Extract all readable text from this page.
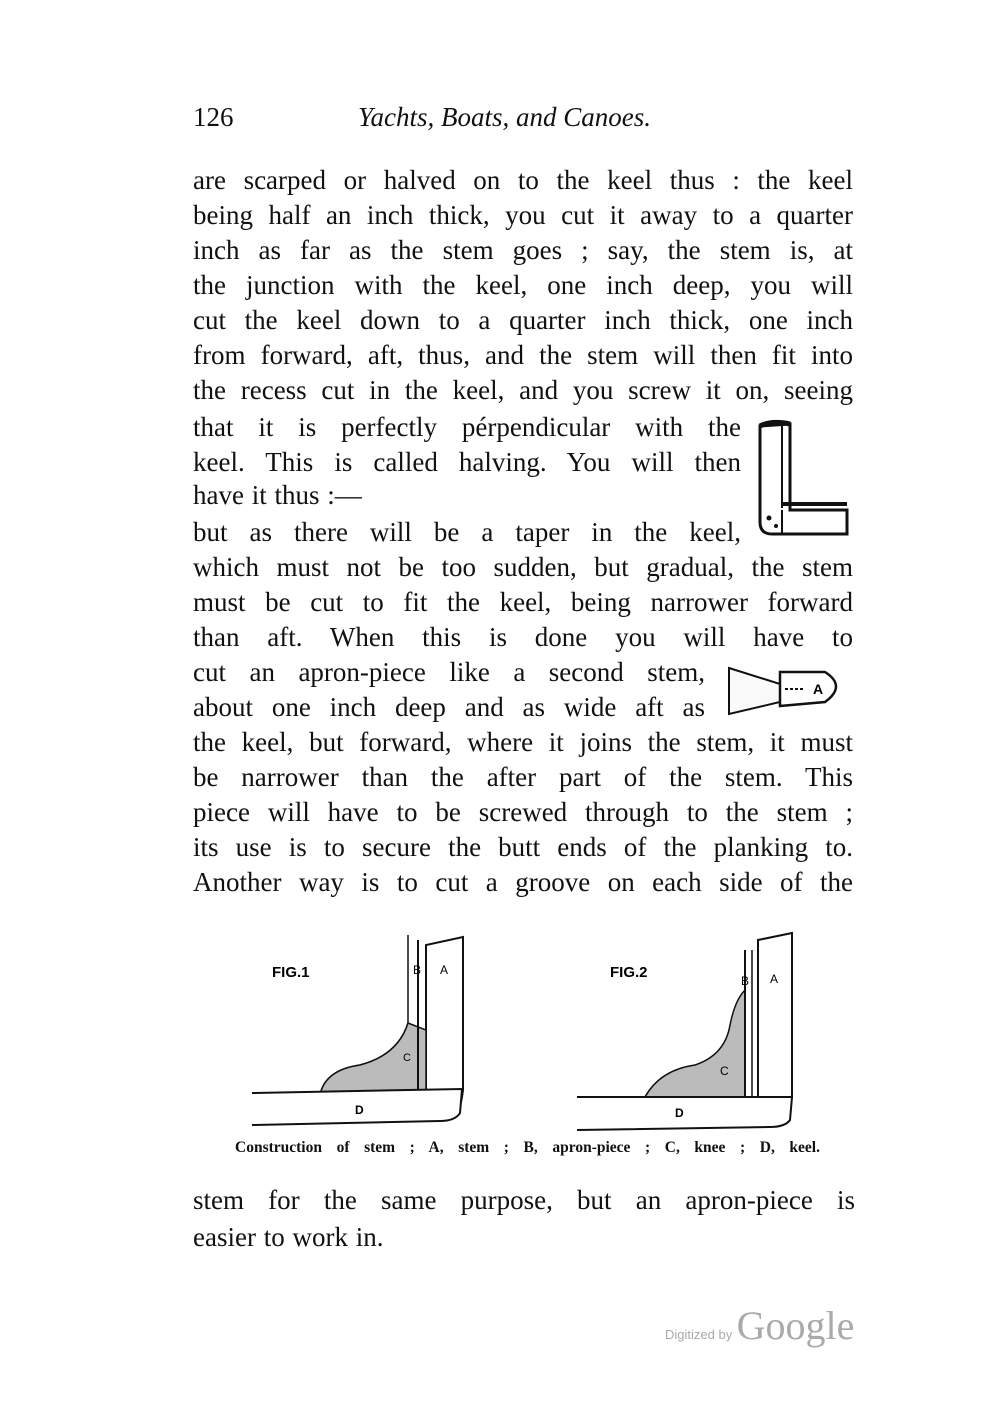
126	Yachts, Boats, and Canoes.
are scarped or halved on to the keel thus : the keel
being half an inch thick, you cut it away to a quarter
inch as far as the stem goes ; say, the stem is, at
the junction with the keel, one inch deep, you will
cut the keel down to a quarter inch thick, one inch
from forward, aft, thus, and the stem will then fit into
the recess cut in the keel, and you screw it on, seeing
that it is perfectly pérpendicular with the
keel. This is called halving. You will then
have it thus :—
but as there will be a taper in the keel,
which must not be too sudden, but gradual, the stem
must be cut to fit the keel, being narrower forward
than aft. When this is done you will have to
cut an apron-piece like a second stem,
about one inch deep and as wide aft as
the keel, but forward, where it joins the stem, it must
be narrower than the after part of the stem. This
piece will have to be screwed through to the stem ;
its use is to secure the butt ends of the planking to.
Another way is to cut a groove on each side of the
A
FIG.1	B A
C
D
FIG.2	B A
C
D
Construction of stem ; A, stem ; B, apron-piece ; C, knee ; D, keel.
stem for the same purpose, but an apron-piece is
easier to work in.
Digitized by Google
